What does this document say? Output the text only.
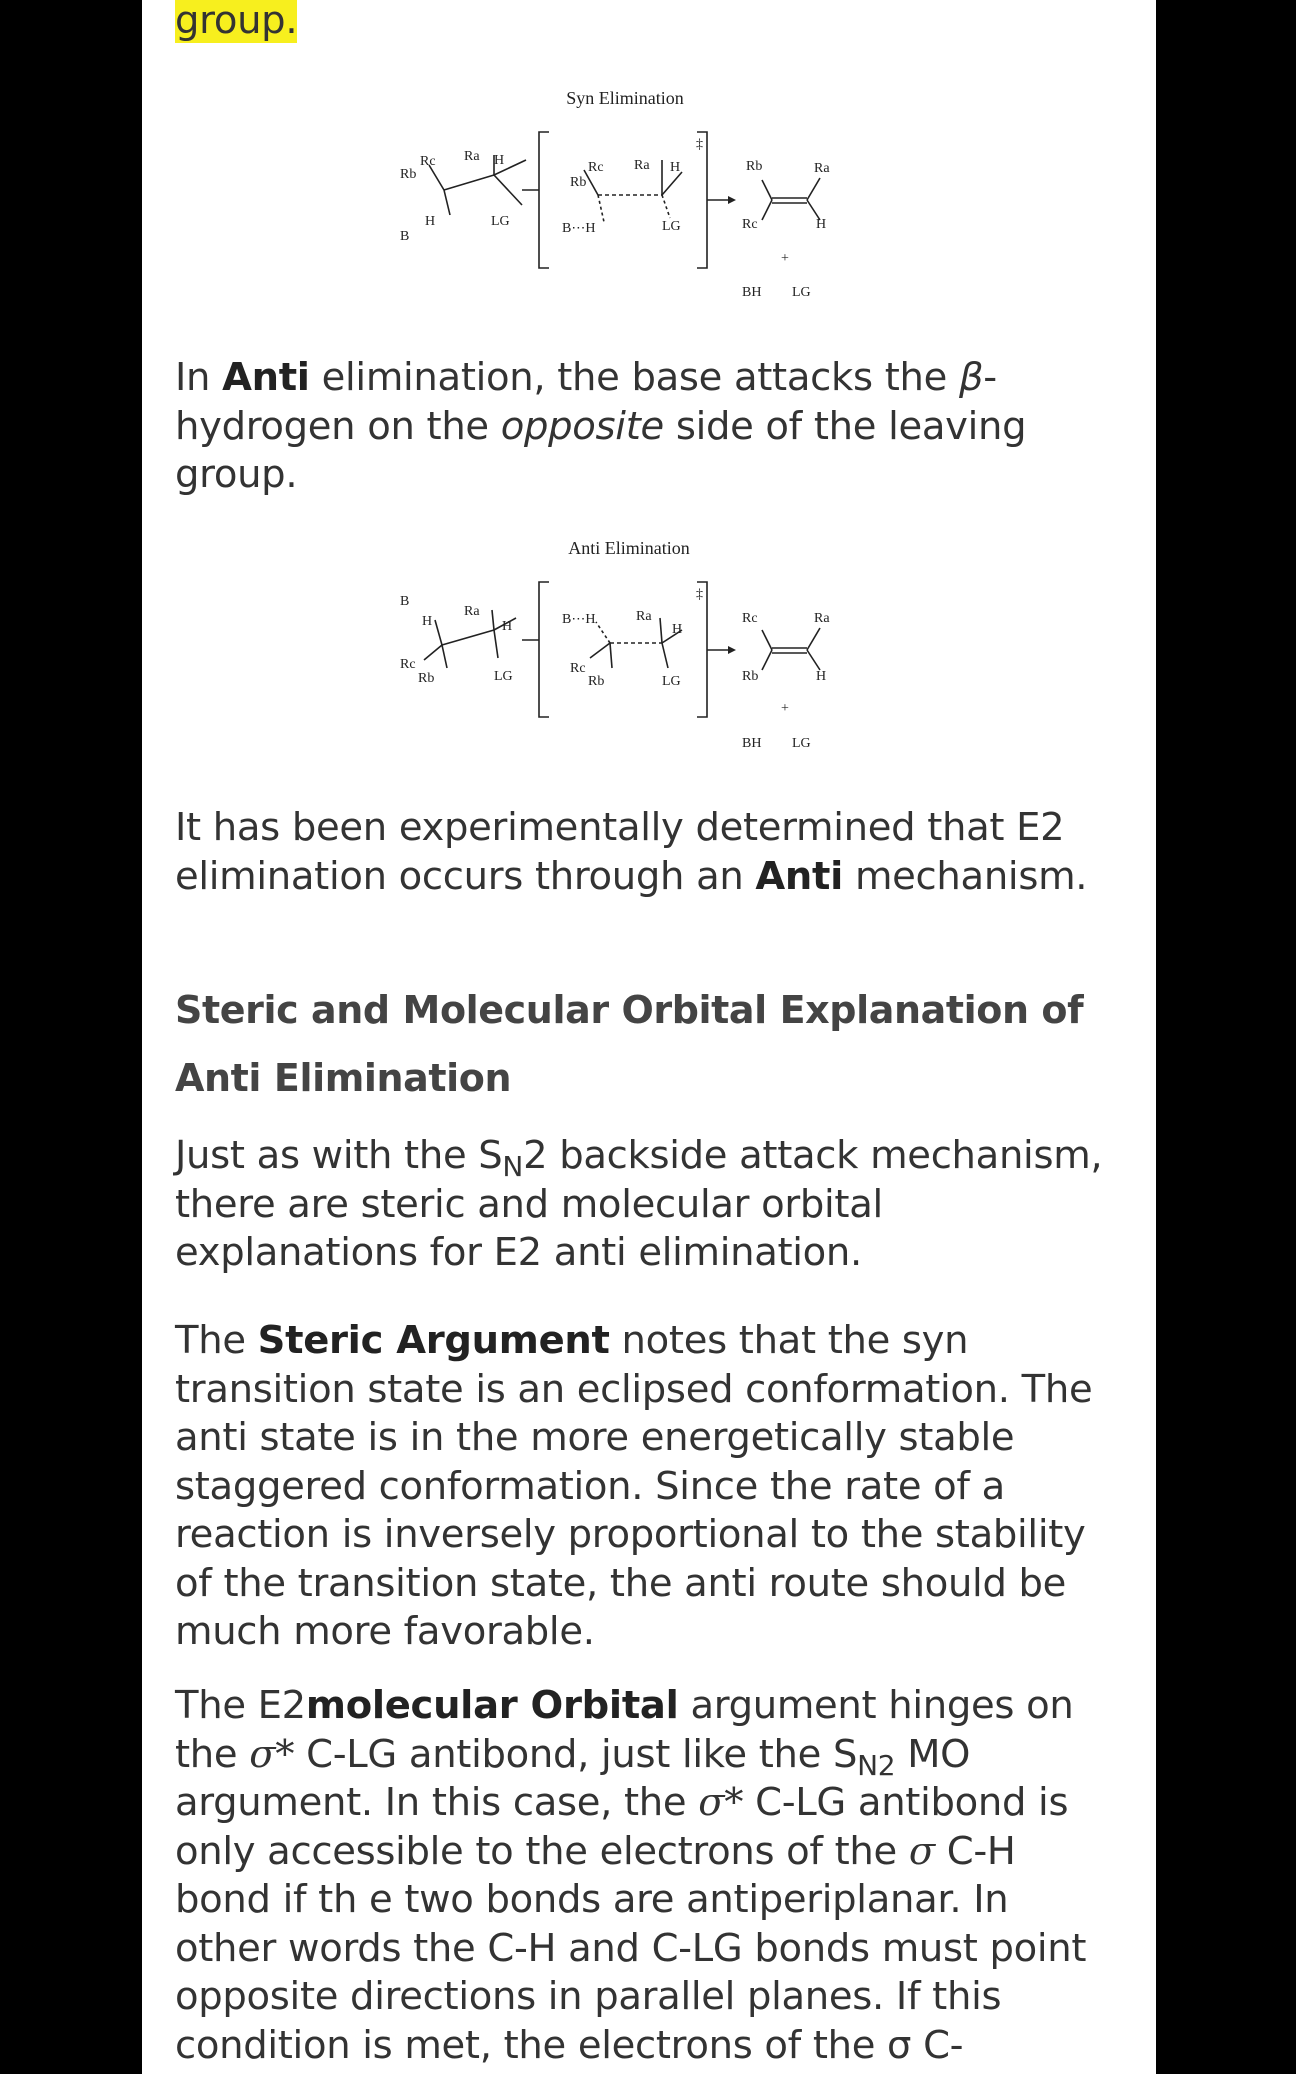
group.
Syn Elimination
Rb
Rc Ra H
H
B
LG
Rb
Rc Ra H
B⋯H	LG
‡
Rb	Ra
Rc	H
+
BH LG
In Anti elimination, the base attacks the β-hydrogen on the opposite side of the leaving group.
Anti Elimination
B
H
Ra
H
Rc
Rb	LG
B⋯H	Ra
H
Rc
Rb	LG
‡
Rc	Ra
Rb	H
+
BH LG
It has been experimentally determined that E2 elimination occurs through an Anti mechanism.
Steric and Molecular Orbital Explanation of Anti Elimination
Just as with the $S_N2$ backside attack mechanism, there are steric and molecular orbital explanations for E2 anti elimination.
The Steric Argument notes that the syn transition state is an eclipsed conformation. The anti state is in the more energetically stable staggered conformation. Since the rate of a reaction is inversely proportional to the stability of the transition state, the anti route should be much more favorable.
The E2molecular Orbital argument hinges on the σ* C-LG antibond, just like the $S_{N2}$ MO argument. In this case, the σ* C-LG antibond is only accessible to the electrons of the σ C-H bond if th e two bonds are antiperiplanar. In other words the C-H and C-LG bonds must point opposite directions in parallel planes. If this condition is met, the electrons of the σ C-
